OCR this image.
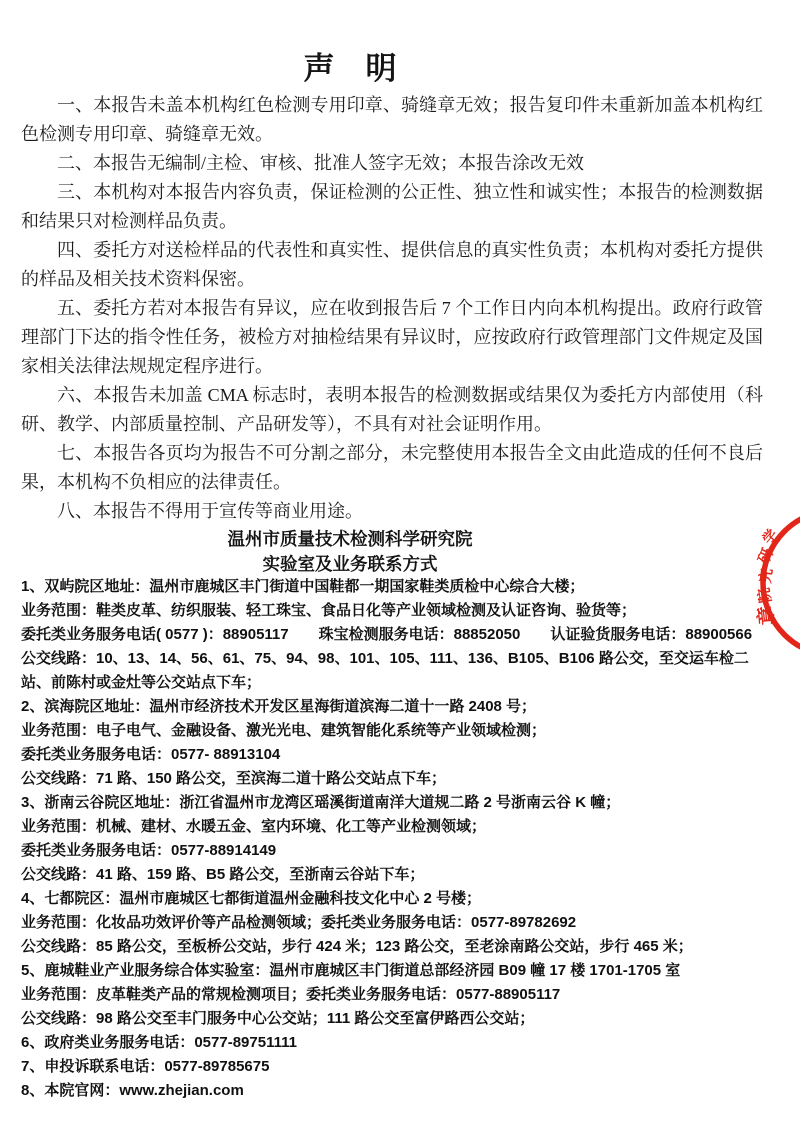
声　明

一、本报告未盖本机构红色检测专用印章、骑缝章无效；报告复印件未重新加盖本机构红色检测专用印章、骑缝章无效。

二、本报告无编制/主检、审核、批准人签字无效；本报告涂改无效

三、本机构对本报告内容负责，保证检测的公正性、独立性和诚实性；本报告的检测数据和结果只对检测样品负责。

四、委托方对送检样品的代表性和真实性、提供信息的真实性负责；本机构对委托方提供的样品及相关技术资料保密。

五、委托方若对本报告有异议，应在收到报告后 7 个工作日内向本机构提出。政府行政管理部门下达的指令性任务，被检方对抽检结果有异议时，应按政府行政管理部门文件规定及国家相关法律法规规定程序进行。

六、本报告未加盖 CMA 标志时，表明本报告的检测数据或结果仅为委托方内部使用（科研、教学、内部质量控制、产品研发等），不具有对社会证明作用。

七、本报告各页均为报告不可分割之部分，未完整使用本报告全文由此造成的任何不良后果，本机构不负相应的法律责任。

八、本报告不得用于宣传等商业用途。

温州市质量技术检测科学研究院
实验室及业务联系方式
1、双屿院区地址：温州市鹿城区丰门街道中国鞋都一期国家鞋类质检中心综合大楼；
业务范围：鞋类皮革、纺织服装、轻工珠宝、食品日化等产业领域检测及认证咨询、验货等；
委托类业务服务电话( 0577 )：88905117　　珠宝检测服务电话：88852050　　认证验货服务电话：88900566
公交线路：10、13、14、56、61、75、94、98、101、105、111、136、B105、B106 路公交，至交运车检二站、前陈村或金灶等公交站点下车；
2、滨海院区地址：温州市经济技术开发区星海街道滨海二道十一路 2408 号；
业务范围：电子电气、金融设备、激光光电、建筑智能化系统等产业领域检测；
委托类业务服务电话：0577- 88913104
公交线路：71 路、150 路公交，至滨海二道十路公交站点下车；
3、浙南云谷院区地址：浙江省温州市龙湾区瑶溪街道南洋大道规二路 2 号浙南云谷 K 幢；
业务范围：机械、建材、水暖五金、室内环境、化工等产业检测领域；
委托类业务服务电话：0577-88914149
公交线路：41 路、159 路、B5 路公交，至浙南云谷站下车；
4、七都院区：温州市鹿城区七都街道温州金融科技文化中心 2 号楼；
业务范围：化妆品功效评价等产品检测领域；委托类业务服务电话：0577-89782692
公交线路：85 路公交，至板桥公交站，步行 424 米；123 路公交，至老涂南路公交站，步行 465 米；
5、鹿城鞋业产业服务综合体实验室：温州市鹿城区丰门街道总部经济园 B09 幢 17 楼 1701-1705 室
业务范围：皮革鞋类产品的常规检测项目；委托类业务服务电话：0577-88905117
公交线路：98 路公交至丰门服务中心公交站；111 路公交至富伊路西公交站；
6、政府类业务服务电话：0577-89751111
7、申投诉联系电话：0577-89785675
8、本院官网：www.zhejian.com
学
研
究
院
章
